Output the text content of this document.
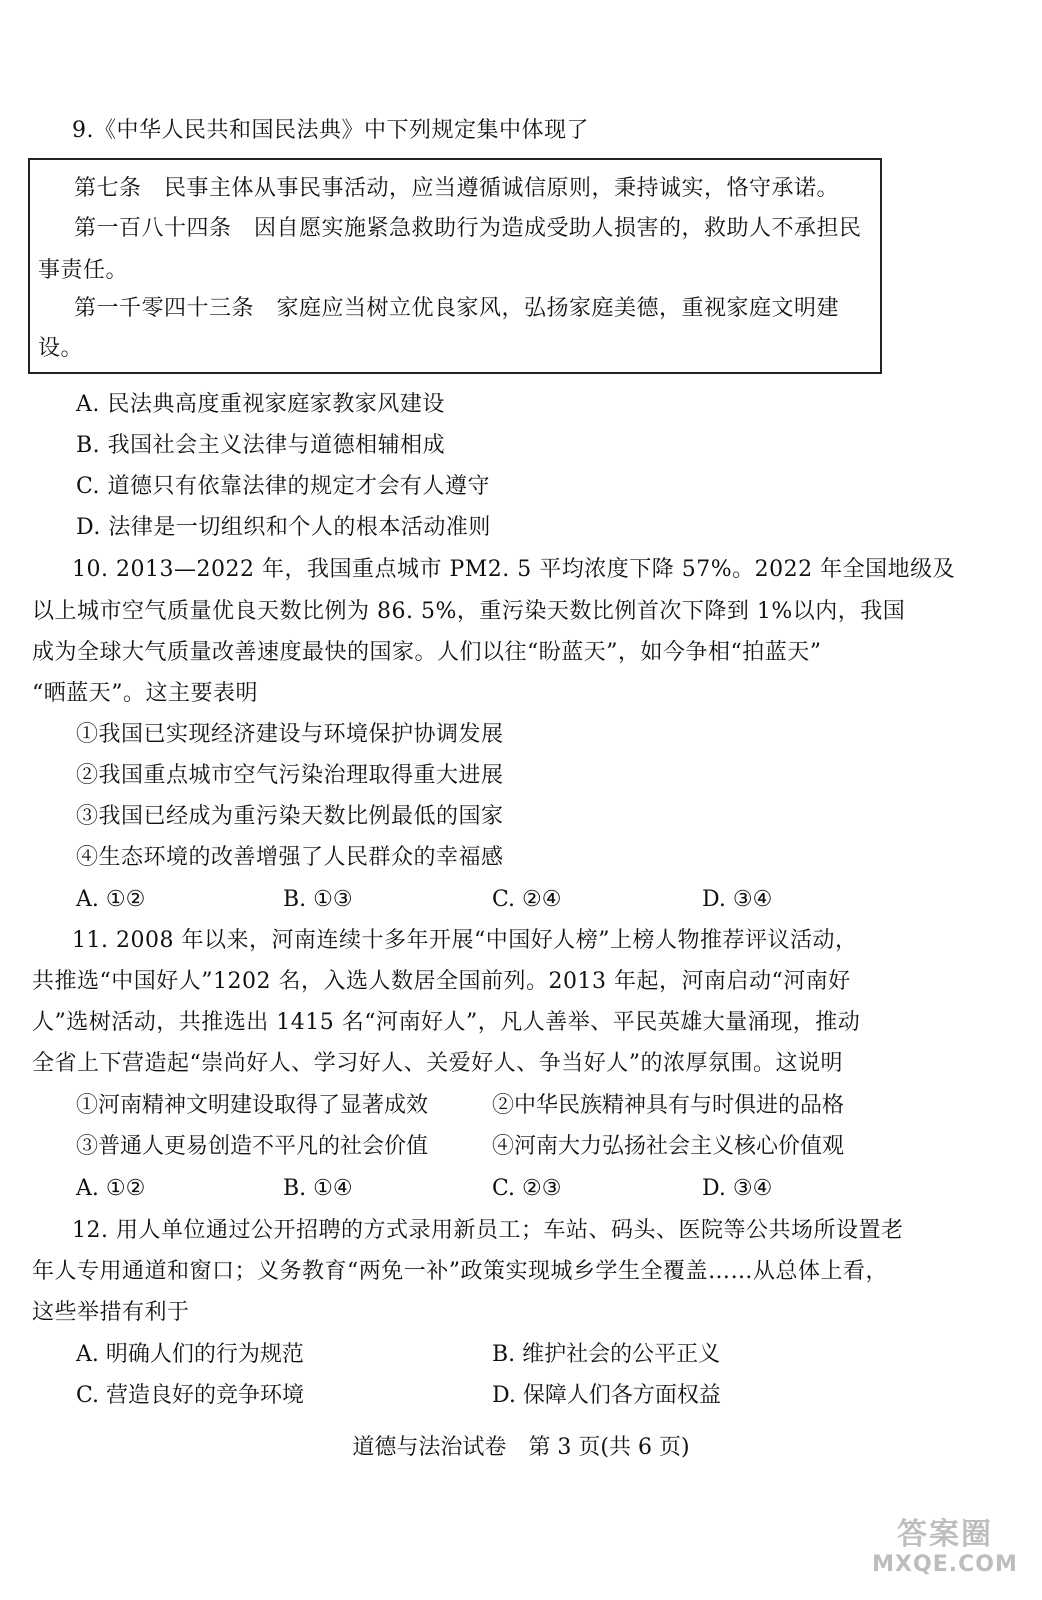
9.《中华人民共和国民法典》中下列规定集中体现了
第七条　民事主体从事民事活动，应当遵循诚信原则，秉持诚实，恪守承诺。
第一百八十四条　因自愿实施紧急救助行为造成受助人损害的，救助人不承担民
事责任。
第一千零四十三条　家庭应当树立优良家风，弘扬家庭美德，重视家庭文明建
设。
A. 民法典高度重视家庭家教家风建设
B. 我国社会主义法律与道德相辅相成
C. 道德只有依靠法律的规定才会有人遵守
D. 法律是一切组织和个人的根本活动准则
10. 2013—2022 年，我国重点城市 PM2. 5 平均浓度下降 57%。2022 年全国地级及
以上城市空气质量优良天数比例为 86. 5%，重污染天数比例首次下降到 1%以内，我国
成为全球大气质量改善速度最快的国家。人们以往“盼蓝天”，如今争相“拍蓝天”
“晒蓝天”。这主要表明
①我国已实现经济建设与环境保护协调发展
②我国重点城市空气污染治理取得重大进展
③我国已经成为重污染天数比例最低的国家
④生态环境的改善增强了人民群众的幸福感
A. ①②	B. ①③	C. ②④	D. ③④
11. 2008 年以来，河南连续十多年开展“中国好人榜”上榜人物推荐评议活动，
共推选“中国好人”1202 名，入选人数居全国前列。2013 年起，河南启动“河南好
人”选树活动，共推选出 1415 名“河南好人”，凡人善举、平民英雄大量涌现，推动
全省上下营造起“崇尚好人、学习好人、关爱好人、争当好人”的浓厚氛围。这说明
①河南精神文明建设取得了显著成效	②中华民族精神具有与时俱进的品格
③普通人更易创造不平凡的社会价值	④河南大力弘扬社会主义核心价值观
A. ①②	B. ①④	C. ②③	D. ③④
12. 用人单位通过公开招聘的方式录用新员工；车站、码头、医院等公共场所设置老
年人专用通道和窗口；义务教育“两免一补”政策实现城乡学生全覆盖……从总体上看，
这些举措有利于
A. 明确人们的行为规范	B. 维护社会的公平正义
C. 营造良好的竞争环境	D. 保障人们各方面权益
道德与法治试卷　第 3 页(共 6 页)
答案圈
MXQE.COM
